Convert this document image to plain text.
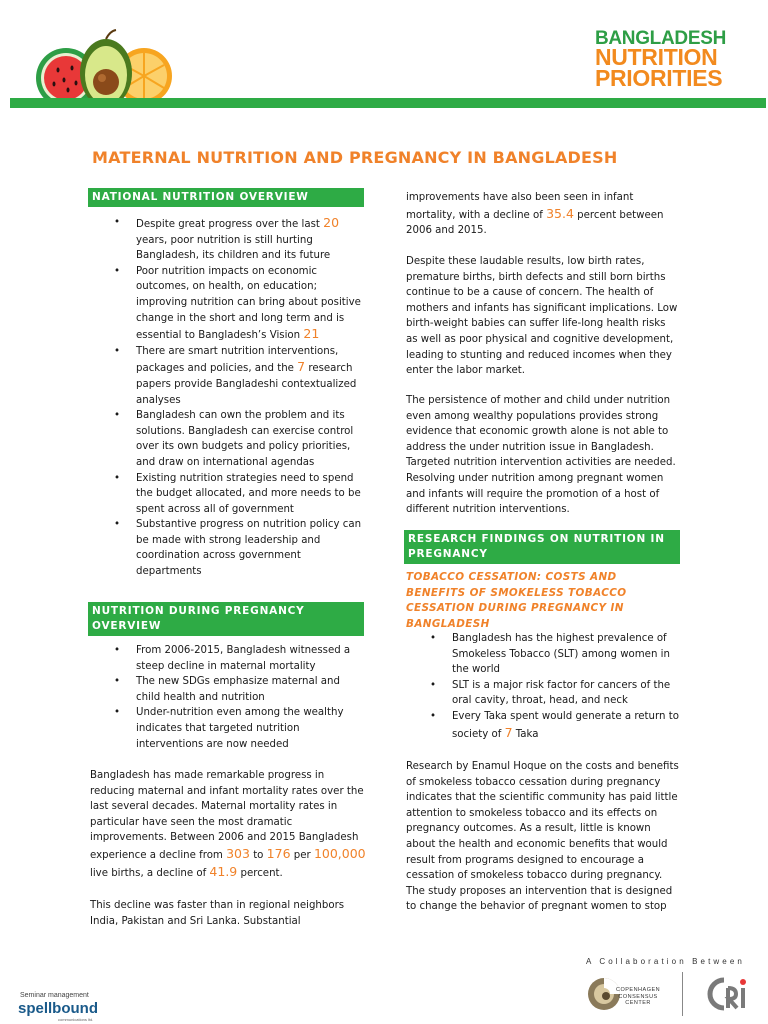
BANGLADESH
NUTRITION
PRIORITIES
MATERNAL NUTRITION AND PREGNANCY IN BANGLADESH
NATIONAL NUTRITION OVERVIEW
• Despite great progress over the last 20 years, poor nutrition is still hurting Bangladesh, its children and its future
• Poor nutrition impacts on economic outcomes, on health, on education; improving nutrition can bring about positive change in the short and long term and is essential to Bangladesh’s Vision 21
• There are smart nutrition interventions, packages and policies, and the 7 research papers provide Bangladeshi contextualized analyses
• Bangladesh can own the problem and its solutions. Bangladesh can exercise control over its own budgets and policy priorities, and draw on international agendas
• Existing nutrition strategies need to spend the budget allocated, and more needs to be spent across all of government
• Substantive progress on nutrition policy can be made with strong leadership and coordination across government departments
NUTRITION DURING PREGNANCY
OVERVIEW
• From 2006-2015, Bangladesh witnessed a steep decline in maternal mortality
• The new SDGs emphasize maternal and child health and nutrition
• Under-nutrition even among the wealthy indicates that targeted nutrition interventions are now needed
Bangladesh has made remarkable progress in reducing maternal and infant mortality rates over the last several decades. Maternal mortality rates in particular have seen the most dramatic improvements. Between 2006 and 2015 Bangladesh experience a decline from 303 to 176 per 100,000 live births, a decline of 41.9 percent.
This decline was faster than in regional neighbors India, Pakistan and Sri Lanka. Substantial
improvements have also been seen in infant mortality, with a decline of 35.4 percent between 2006 and 2015.
Despite these laudable results, low birth rates, premature births, birth defects and still born births continue to be a cause of concern. The health of mothers and infants has significant implications. Low birth-weight babies can suffer life-long health risks as well as poor physical and cognitive development, leading to stunting and reduced incomes when they enter the labor market.
The persistence of mother and child under nutrition even among wealthy populations provides strong evidence that economic growth alone is not able to address the under nutrition issue in Bangladesh. Targeted nutrition intervention activities are needed. Resolving under nutrition among pregnant women and infants will require the promotion of a host of different nutrition interventions.
RESEARCH FINDINGS ON NUTRITION IN
PREGNANCY
TOBACCO CESSATION: COSTS AND BENEFITS OF SMOKELESS TOBACCO CESSATION DURING PREGNANCY IN BANGLADESH
• Bangladesh has the highest prevalence of Smokeless Tobacco (SLT) among women in the world
• SLT is a major risk factor for cancers of the oral cavity, throat, head, and neck
• Every Taka spent would generate a return to society of 7 Taka
Research by Enamul Hoque on the costs and benefits of smokeless tobacco cessation during pregnancy indicates that the scientific community has paid little attention to smokeless tobacco and its effects on pregnancy outcomes. As a result, little is known about the health and economic benefits that would result from programs designed to encourage a cessation of smokeless tobacco during pregnancy. The study proposes an intervention that is designed to change the behavior of pregnant women to stop
A Collaboration Between
COPENHAGEN
CONSENSUS
CENTER
Seminar management
spellbound
communications ltd.
